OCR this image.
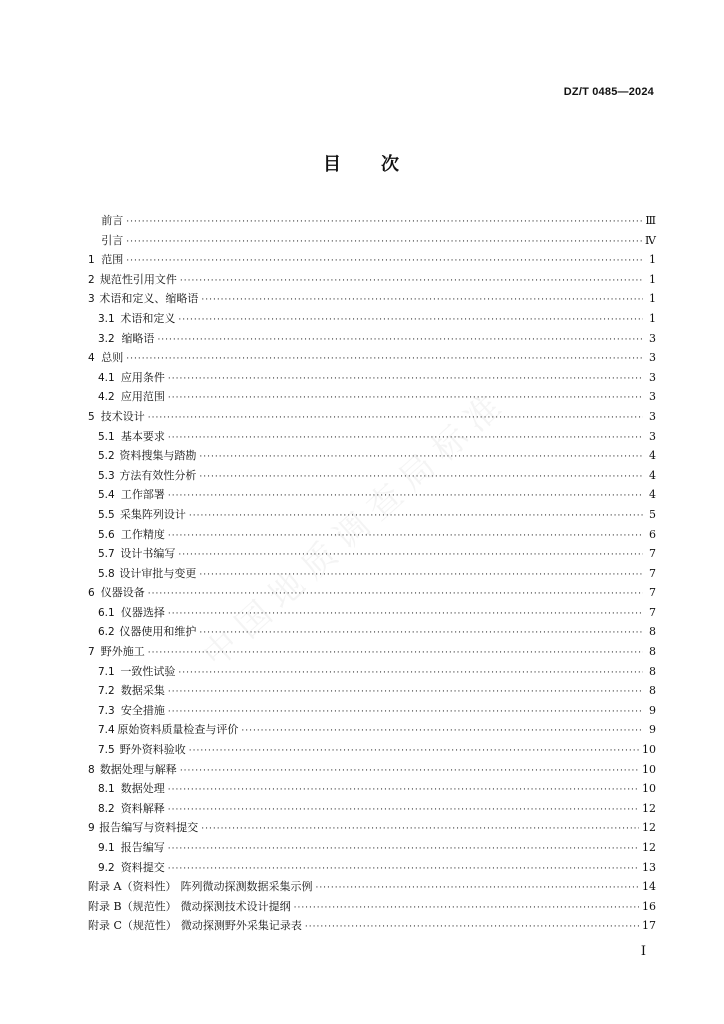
DZ/T 0485—2024
目 次
前言 ·····	Ⅲ
引言 ·····	Ⅳ
1 范围 ·····	1
2 规范性引用文件 ·····	1
3 术语和定义、缩略语 ·····	1
3.1 术语和定义 ·····	1
3.2 缩略语 ·····	3
4 总则 ·····	3
4.1 应用条件 ·····	3
4.2 应用范围 ·····	3
5 技术设计 ·····	3
5.1 基本要求 ·····	3
5.2 资料搜集与踏勘 ·····	4
5.3 方法有效性分析 ·····	4
5.4 工作部署 ·····	4
5.5 采集阵列设计 ·····	5
5.6 工作精度 ·····	6
5.7 设计书编写 ·····	7
5.8 设计审批与变更 ·····	7
6 仪器设备 ·····	7
6.1 仪器选择 ·····	7
6.2 仪器使用和维护 ·····	8
7 野外施工 ·····	8
7.1 一致性试验 ·····	8
7.2 数据采集 ·····	8
7.3 安全措施 ·····	9
7.4 原始资料质量检查与评价 ·····	9
7.5 野外资料验收 ·····	10
8 数据处理与解释 ·····	10
8.1 数据处理 ·····	10
8.2 资料解释 ·····	12
9 报告编写与资料提交 ·····	12
9.1 报告编写 ·····	12
9.2 资料提交 ·····	13
附录 A（资料性） 阵列微动探测数据采集示例 ·····	14
附录 B（规范性） 微动探测技术设计提纲 ·····	16
附录 C（规范性） 微动探测野外采集记录表 ·····	17
中国地质调查局标准
I
